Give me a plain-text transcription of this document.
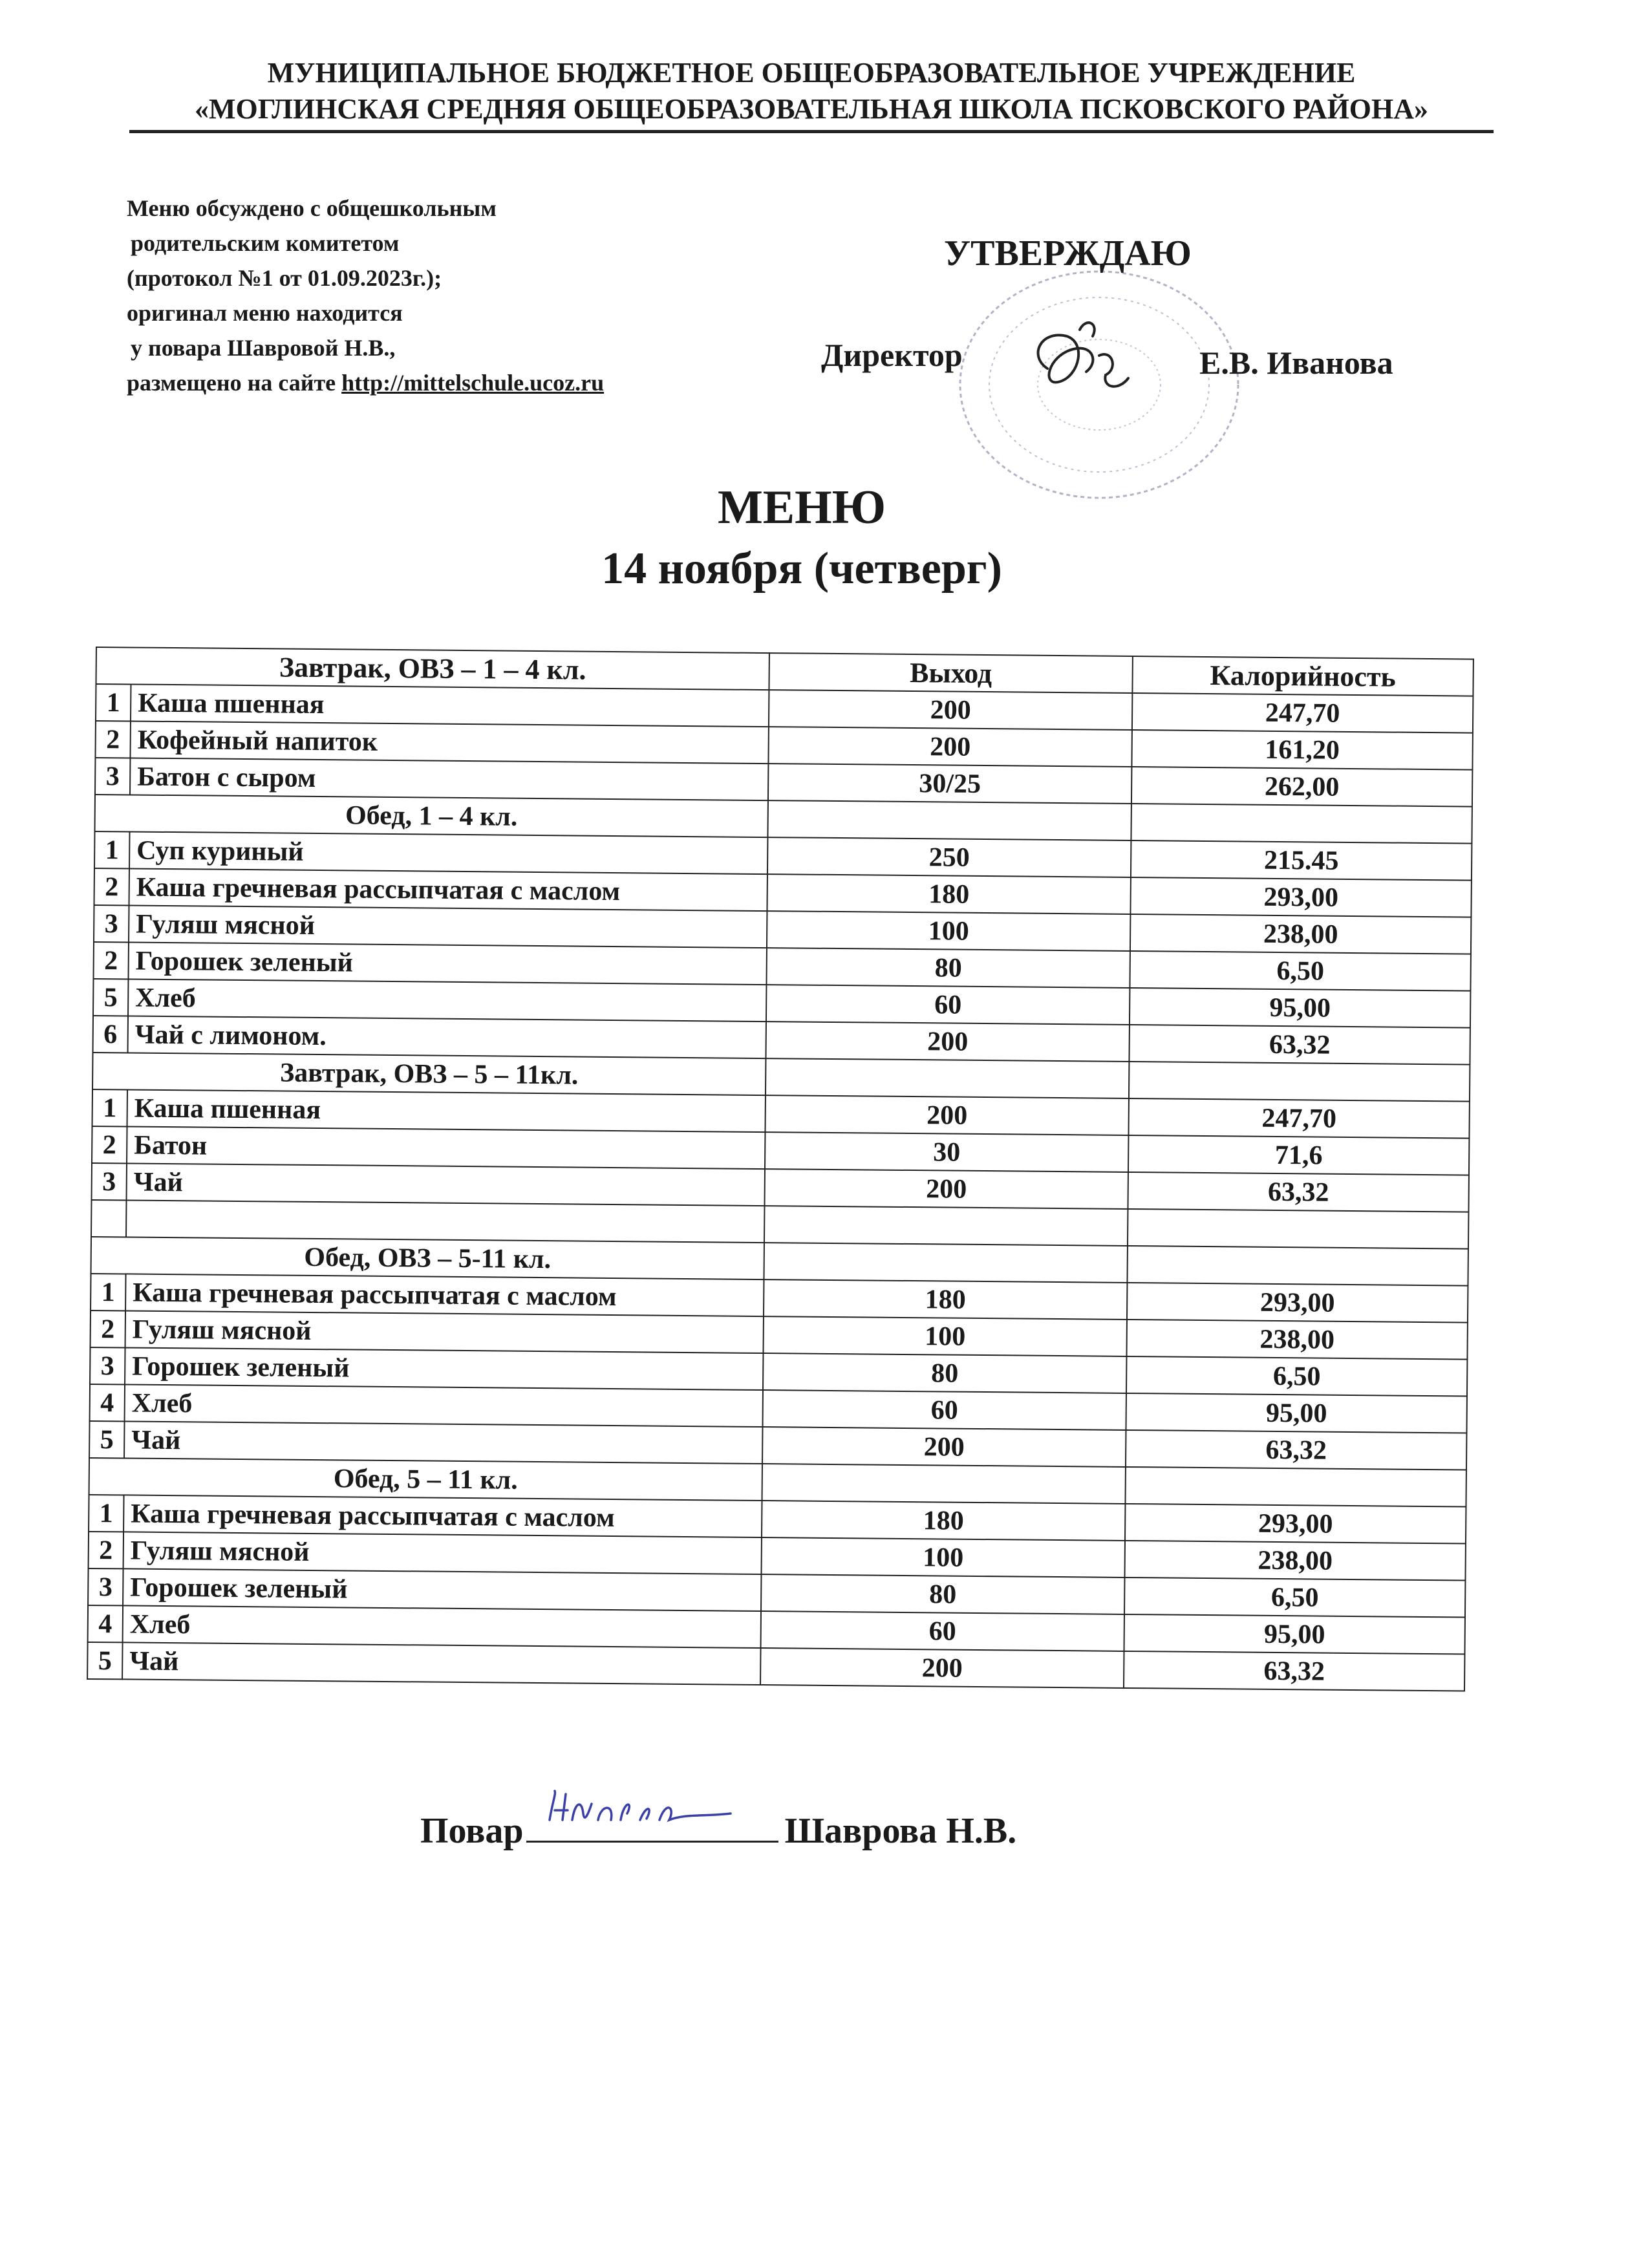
МУНИЦИПАЛЬНОЕ БЮДЖЕТНОЕ ОБЩЕОБРАЗОВАТЕЛЬНОЕ УЧРЕЖДЕНИЕ
«МОГЛИНСКАЯ СРЕДНЯЯ ОБЩЕОБРАЗОВАТЕЛЬНАЯ ШКОЛА ПСКОВСКОГО РАЙОНА»
Меню обсуждено с общешкольным
родительским комитетом
(протокол №1 от 01.09.2023г.);
оригинал меню находится
у повара Шавровой Н.В.,
размещено на сайте http://mittelschule.ucoz.ru
УТВЕРЖДАЮ
Директор	Е.В. Иванова
МЕНЮ
14 ноября (четверг)
Завтрак, ОВЗ – 1 – 4 кл.		Выход	Калорийность
1	Каша пшенная	200	247,70
2	Кофейный напиток	200	161,20
3	Батон с сыром	30/25	262,00
Обед, 1 – 4 кл.			
1	Суп куриный	250	215.45
2	Каша гречневая рассыпчатая с маслом	180	293,00
3	Гуляш мясной	100	238,00
2	Горошек зеленый	80	6,50
5	Хлеб	60	95,00
6	Чай с лимоном.	200	63,32
Завтрак, ОВЗ – 5 – 11кл.			
1	Каша пшенная	200	247,70
2	Батон	30	71,6
3	Чай	200	63,32

Обед, ОВЗ – 5-11 кл.			
1	Каша гречневая рассыпчатая с маслом	180	293,00
2	Гуляш мясной	100	238,00
3	Горошек зеленый	80	6,50
4	Хлеб	60	95,00
5	Чай	200	63,32
Обед, 5 – 11 кл.			
1	Каша гречневая рассыпчатая с маслом	180	293,00
2	Гуляш мясной	100	238,00
3	Горошек зеленый	80	6,50
4	Хлеб	60	95,00
5	Чай	200	63,32
Повар	Шаврова Н.В.
